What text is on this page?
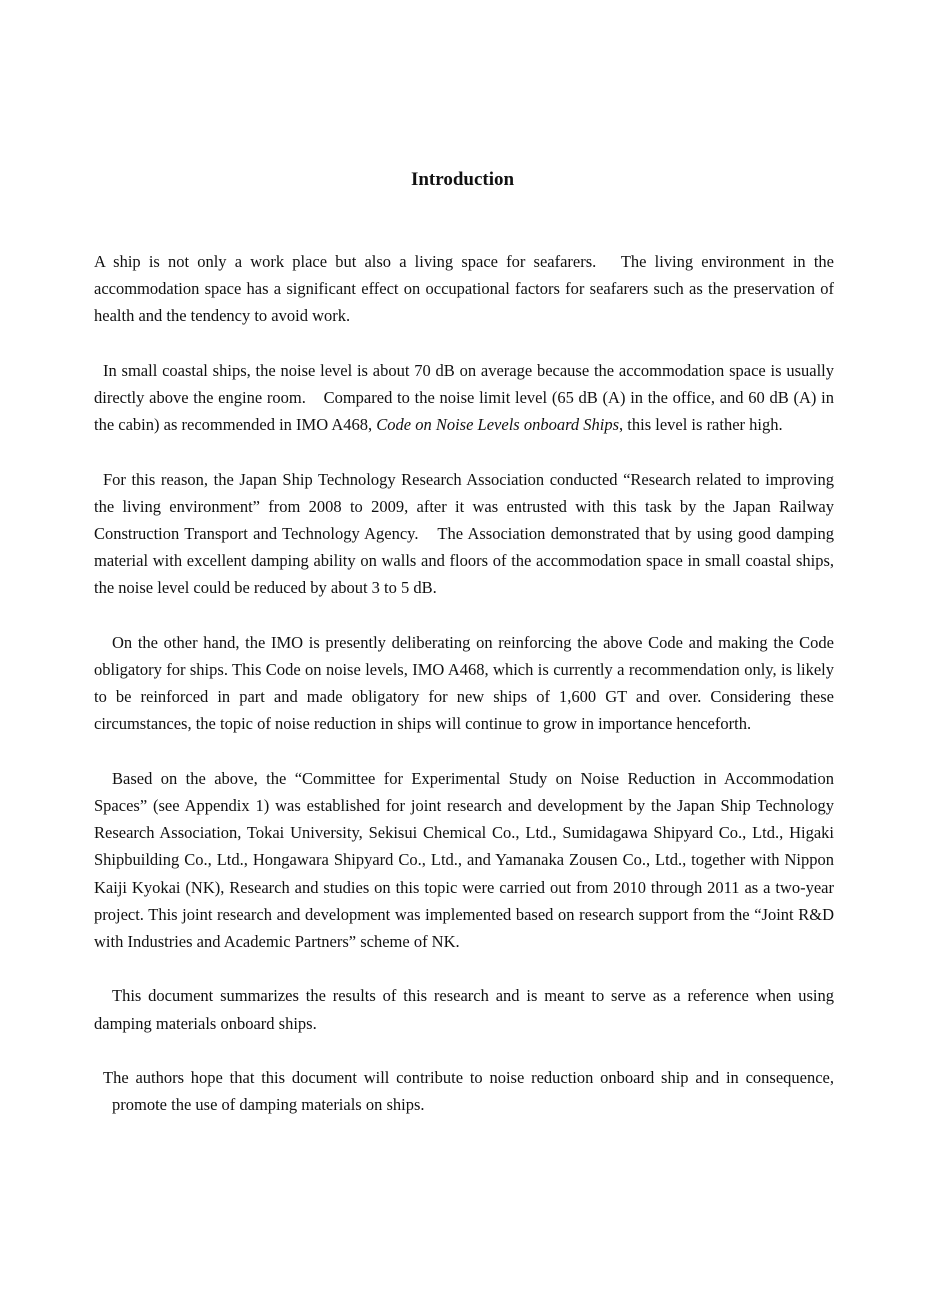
Introduction

A ship is not only a work place but also a living space for seafarers.　The living environment in the accommodation space has a significant effect on occupational factors for seafarers such as the preservation of health and the tendency to avoid work.

In small coastal ships, the noise level is about 70 dB on average because the accommodation space is usually directly above the engine room.　Compared to the noise limit level (65 dB (A) in the office, and 60 dB (A) in the cabin) as recommended in IMO A468, Code on Noise Levels onboard Ships, this level is rather high.

For this reason, the Japan Ship Technology Research Association conducted “Research related to improving the living environment” from 2008 to 2009, after it was entrusted with this task by the Japan Railway Construction Transport and Technology Agency.　The Association demonstrated that by using good damping material with excellent damping ability on walls and floors of the accommodation space in small coastal ships, the noise level could be reduced by about 3 to 5 dB.

On the other hand, the IMO is presently deliberating on reinforcing the above Code and making the Code obligatory for ships. This Code on noise levels, IMO A468, which is currently a recommendation only, is likely to be reinforced in part and made obligatory for new ships of 1,600 GT and over. Considering these circumstances, the topic of noise reduction in ships will continue to grow in importance henceforth.

Based on the above, the “Committee for Experimental Study on Noise Reduction in Accommodation Spaces” (see Appendix 1) was established for joint research and development by the Japan Ship Technology Research Association, Tokai University, Sekisui Chemical Co., Ltd., Sumidagawa Shipyard Co., Ltd., Higaki Shipbuilding Co., Ltd., Hongawara Shipyard Co., Ltd., and Yamanaka Zousen Co., Ltd., together with Nippon Kaiji Kyokai (NK), Research and studies on this topic were carried out from 2010 through 2011 as a two-year project. This joint research and development was implemented based on research support from the “Joint R&D with Industries and Academic Partners” scheme of NK.

This document summarizes the results of this research and is meant to serve as a reference when using damping materials onboard ships.

The authors hope that this document will contribute to noise reduction onboard ship and in consequence, promote the use of damping materials on ships.
